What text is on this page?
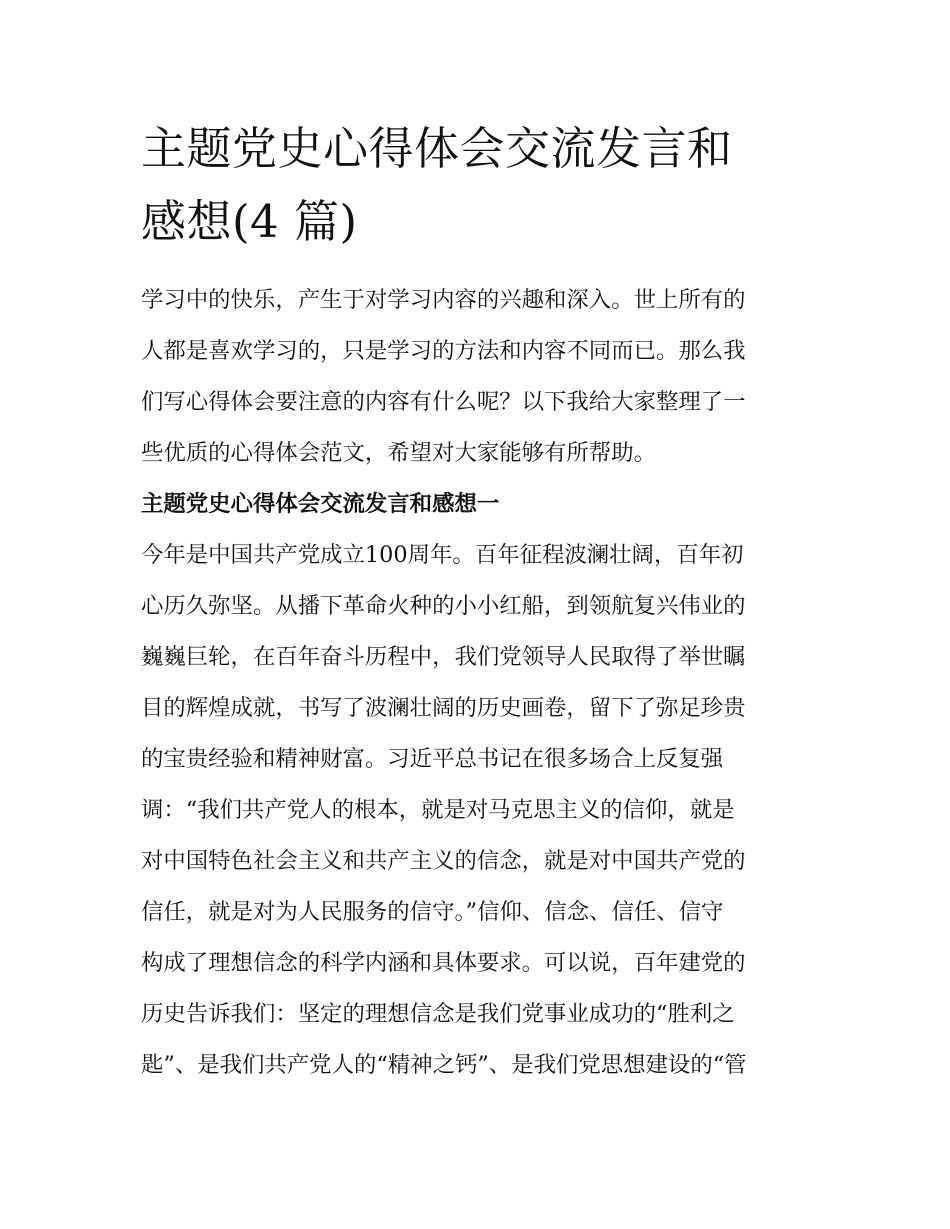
主题党史心得体会交流发言和
感想(4 篇)

学习中的快乐，产生于对学习内容的兴趣和深入。世上所有的
人都是喜欢学习的，只是学习的方法和内容不同而已。那么我
们写心得体会要注意的内容有什么呢？以下我给大家整理了一
些优质的心得体会范文，希望对大家能够有所帮助。

主题党史心得体会交流发言和感想一

今年是中国共产党成立100周年。百年征程波澜壮阔，百年初
心历久弥坚。从播下革命火种的小小红船，到领航复兴伟业的
巍巍巨轮，在百年奋斗历程中，我们党领导人民取得了举世瞩
目的辉煌成就，书写了波澜壮阔的历史画卷，留下了弥足珍贵
的宝贵经验和精神财富。习近平总书记在很多场合上反复强
调：“我们共产党人的根本，就是对马克思主义的信仰，就是
对中国特色社会主义和共产主义的信念，就是对中国共产党的
信任，就是对为人民服务的信守。”信仰、信念、信任、信守
构成了理想信念的科学内涵和具体要求。可以说，百年建党的
历史告诉我们：坚定的理想信念是我们党事业成功的“胜利之
匙”、是我们共产党人的“精神之钙”、是我们党思想建设的“管
